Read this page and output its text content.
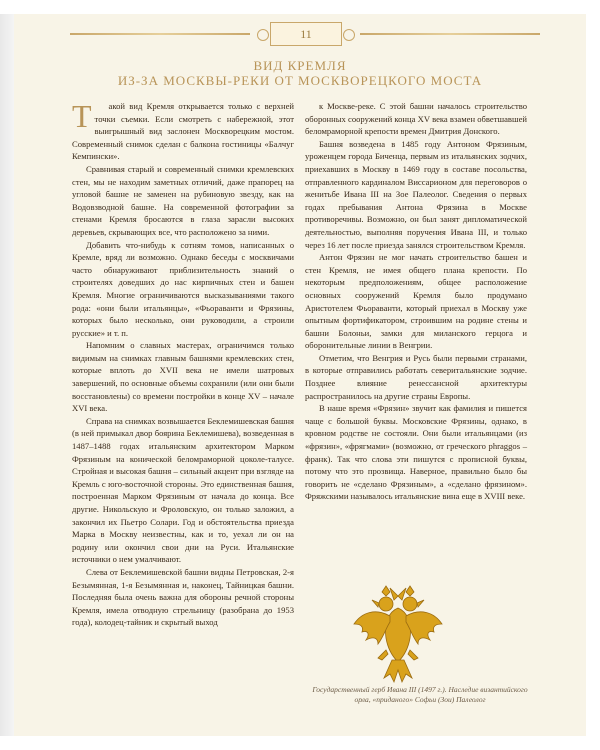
11
ВИД КРЕМЛЯ
ИЗ-ЗА МОСКВЫ-РЕКИ ОТ МОСКВОРЕЦКОГО МОСТА

Т акой вид Кремля открывается только с верхней точки съемки. Если смотреть с набережной, этот выигрышный вид заслонен Москворецким мостом. Современный снимок сделан с балкона гостиницы «Балчуг Кемпински».

Сравнивая старый и современный снимки кремлевских стен, мы не находим заметных отличий, даже прапорец на угловой башне не заменен на рубиновую звезду, как на Водовзводной башне. На современной фотографии за стенами Кремля бросаются в глаза зарасли высоких деревьев, скрывающих все, что расположено за ними.

Добавить что-нибудь к сотням томов, написанных о Кремле, вряд ли возможно. Однако беседы с москвичами часто обнаруживают приблизительность знаний о строителях доведших до нас кирпичных стен и башен Кремля. Многие ограничиваются высказываниями такого рода: «они были итальянцы», «Фьораванти и Фрязины, которых было несколько, они руководили, а строили русские» и т. п.

Напомним о славных мастерах, ограничимся только видимым на снимках главным башнями кремлевских стен, которые вплоть до XVII века не имели шатровых завершений, по основные объемы сохранили (или они были восстановлены) со времени постройки в конце XV – начале XVI века.

Справа на снимках возвышается Беклемишевская башня (в ней примыкал двор боярина Беклемишева), возведенная в 1487–1488 годах итальянским архитектором Марком Фрязиным на конической беломраморной цоколе-талусе. Стройная и высокая башня – сильный акцент при взгляде на Кремль с юго-восточной стороны. Это единственная башня, построенная Марком Фрязиным от начала до конца. Все другие. Никольскую и Фроловскую, он только заложил, а закончил их Пьетро Солари. Год и обстоятельства приезда Марка в Москву неизвестны, как и то, уехал ли он на родину или окончил свои дни на Руси. Итальянские источники о нем умалчивают.

Слева от Беклемишевской башни видны Петровская, 2-я Безымянная, 1-я Безымянная и, наконец, Тайницкая башни. Последняя была очень важна для обороны речной стороны Кремля, имела отводную стрельницу (разобрана до 1953 года), колодец-тайник и скрытый выход

к Москве-реке. С этой башни началось строительство оборонных сооружений конца XV века взамен обветшавшей беломраморной крепости времен Дмитрия Донского.

Башня возведена в 1485 году Антоном Фрязиным, уроженцем города Биченца, первым из итальянских зодчих, приехавших в Москву в 1469 году в составе посольства, отправленного кардиналом Виссарионом для переговоров о женитьбе Ивана III на Зое Палеолог. Сведения о первых годах пребывания Антона Фрязина в Москве противоречивы. Возможно, он был занят дипломатической деятельностью, выполняя поручения Ивана III, и только через 16 лет после приезда занялся строительством Кремля.

Антон Фрязин не мог начать строительство башен и стен Кремля, не имея общего плана крепости. По некоторым предположениям, общее расположение основных сооружений Кремля было продумано Аристотелем Фьораванти, который приехал в Москву уже опытным фортификатором, строившим на родине стены и башни Болоньи, замки для миланского герцога и оборонительные линии в Венгрии.

Отметим, что Венгрия и Русь были первыми странами, в которые отправились работать северитальянские зодчие. Позднее влияние ренессансной архитектуры распространилось на другие страны Европы.

В наше время «Фрязин» звучит как фамилия и пишется чаще с большой буквы. Московские Фрязины, однако, в кровном родстве не состояли. Они были итальянцами (из «фрязин», «фрягмами» (возможно, от греческого phraggos – франк). Так что слова эти пишутся с прописной буквы, потому что это прозвища. Наверное, правильно было бы говорить не «сделано Фрязиным», а «сделано фрязином». Фряжскими называлось итальянские вина еще в XVIII веке.

Государственный герб Ивана III (1497 г.). Наследие византийского орла, «приданого» Софьи (Зои) Палеолог
